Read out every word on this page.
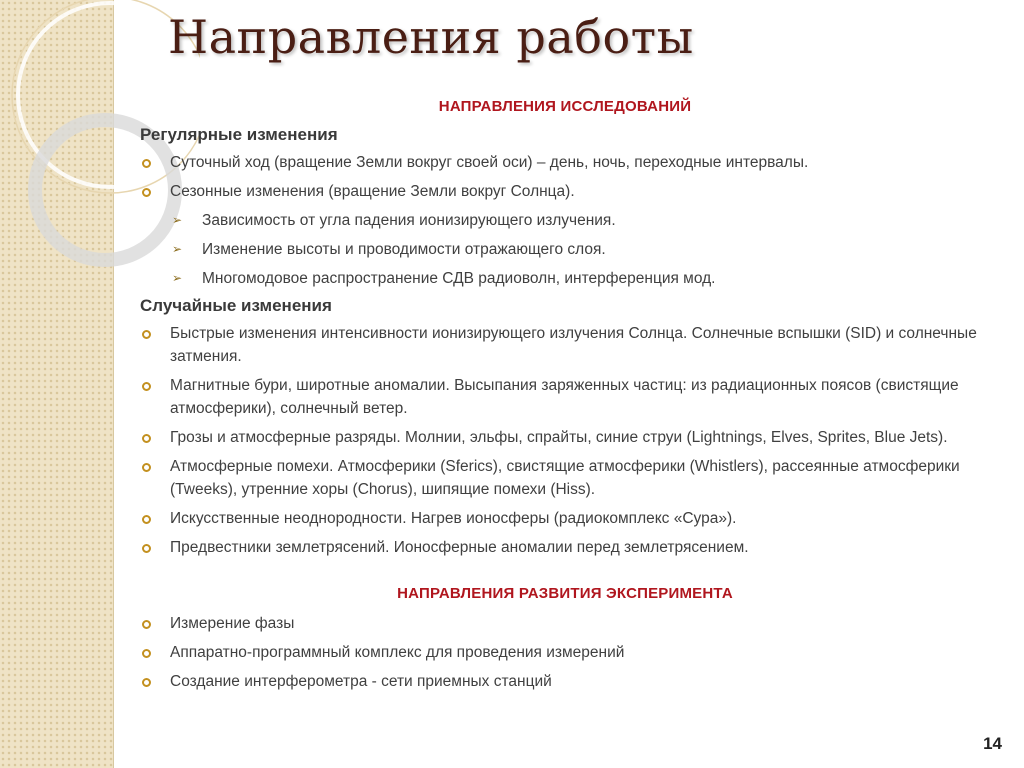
Направления работы
НАПРАВЛЕНИЯ ИССЛЕДОВАНИЙ
Регулярные изменения
Суточный ход (вращение Земли вокруг своей оси) – день, ночь, переходные интервалы.
Сезонные изменения (вращение Земли вокруг Солнца).
➢ Зависимость от угла падения ионизирующего излучения.
➢ Изменение высоты и проводимости отражающего слоя.
➢ Многомодовое распространение СДВ радиоволн, интерференция мод.
Случайные изменения
Быстрые изменения интенсивности ионизирующего излучения Солнца. Солнечные вспышки (SID) и солнечные затмения.
Магнитные бури, широтные аномалии. Высыпания заряженных частиц: из радиационных поясов (свистящие атмосферики), солнечный ветер.
Грозы и атмосферные разряды. Молнии, эльфы, спрайты, синие струи (Lightnings, Elves, Sprites, Blue Jets).
Атмосферные помехи. Атмосферики (Sferics), свистящие атмосферики (Whistlers), рассеянные атмосферики (Tweeks), утренние хоры (Chorus), шипящие помехи (Hiss).
Искусственные неоднородности. Нагрев ионосферы (радиокомплекс «Сура»).
Предвестники землетрясений. Ионосферные аномалии перед землетрясением.
НАПРАВЛЕНИЯ РАЗВИТИЯ ЭКСПЕРИМЕНТА
Измерение фазы
Аппаратно-программный комплекс для проведения измерений
Создание интерферометра - сети приемных станций
14
